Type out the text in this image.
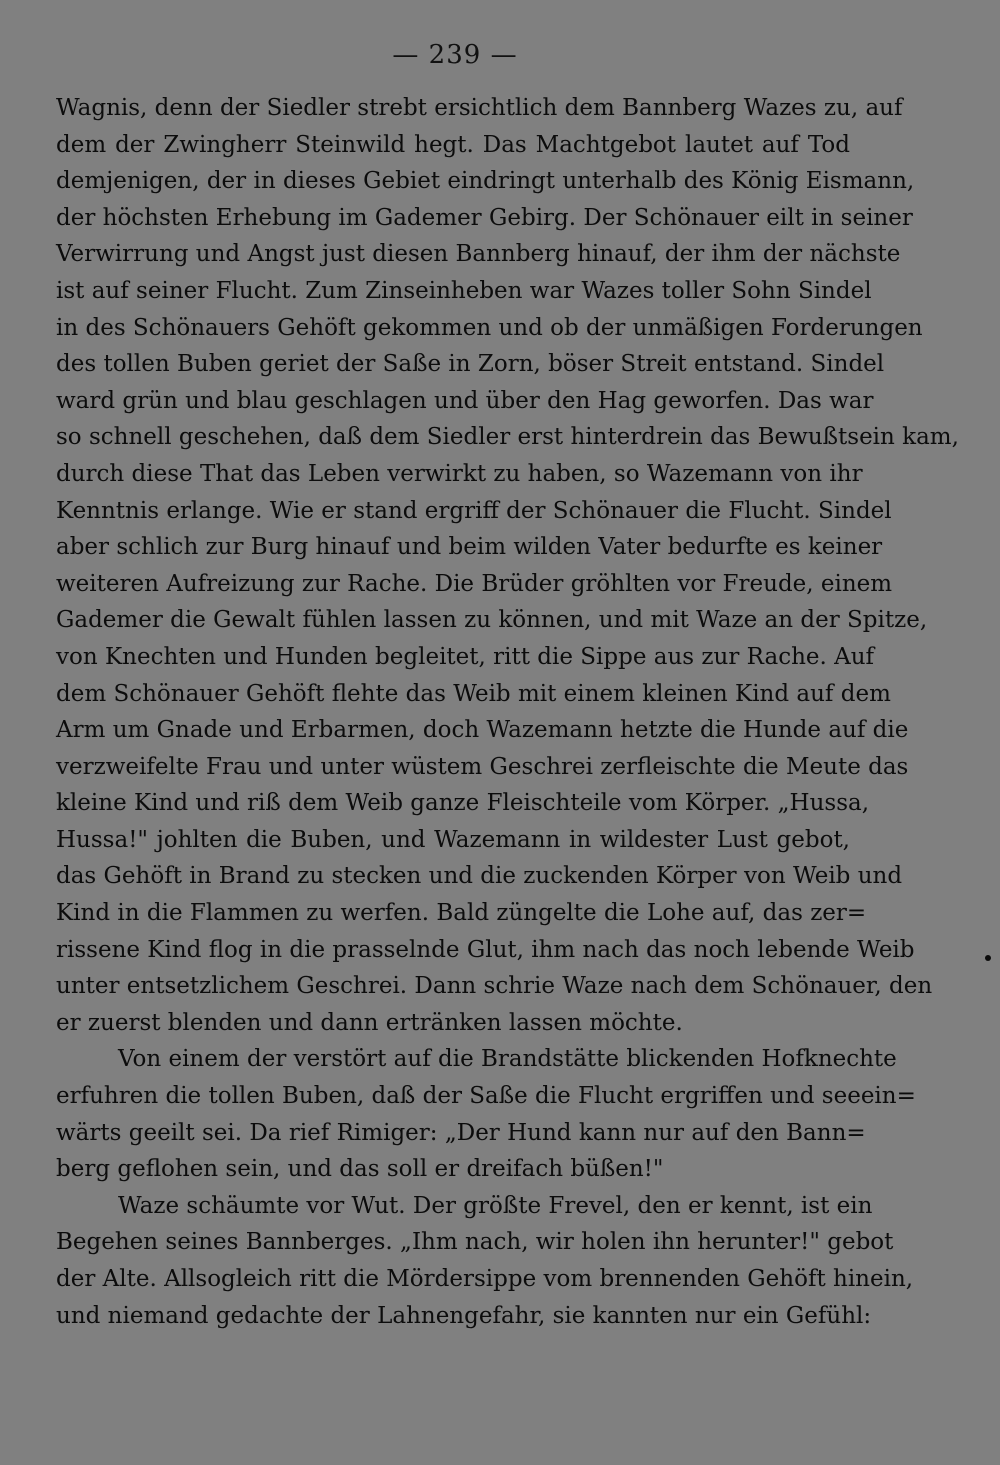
— 239 —
Wagnis, denn der Siedler strebt ersichtlich dem Bannberg Wazes zu, auf
dem der Zwingherr Steinwild hegt. Das Machtgebot lautet auf Tod
demjenigen, der in dieses Gebiet eindringt unterhalb des König Eismann,
der höchsten Erhebung im Gademer Gebirg. Der Schönauer eilt in seiner
Verwirrung und Angst just diesen Bannberg hinauf, der ihm der nächste
ist auf seiner Flucht. Zum Zinseinheben war Wazes toller Sohn Sindel
in des Schönauers Gehöft gekommen und ob der unmäßigen Forderungen
des tollen Buben geriet der Saße in Zorn, böser Streit entstand. Sindel
ward grün und blau geschlagen und über den Hag geworfen. Das war
so schnell geschehen, daß dem Siedler erst hinterdrein das Bewußtsein kam,
durch diese That das Leben verwirkt zu haben, so Wazemann von ihr
Kenntnis erlange. Wie er stand ergriff der Schönauer die Flucht. Sindel
aber schlich zur Burg hinauf und beim wilden Vater bedurfte es keiner
weiteren Aufreizung zur Rache. Die Brüder gröhlten vor Freude, einem
Gademer die Gewalt fühlen lassen zu können, und mit Waze an der Spitze,
von Knechten und Hunden begleitet, ritt die Sippe aus zur Rache. Auf
dem Schönauer Gehöft flehte das Weib mit einem kleinen Kind auf dem
Arm um Gnade und Erbarmen, doch Wazemann hetzte die Hunde auf die
verzweifelte Frau und unter wüstem Geschrei zerfleischte die Meute das
kleine Kind und riß dem Weib ganze Fleischteile vom Körper. „Hussa,
Hussa!" johlten die Buben, und Wazemann in wildester Lust gebot,
das Gehöft in Brand zu stecken und die zuckenden Körper von Weib und
Kind in die Flammen zu werfen. Bald züngelte die Lohe auf, das zer=
rissene Kind flog in die prasselnde Glut, ihm nach das noch lebende Weib
unter entsetzlichem Geschrei. Dann schrie Waze nach dem Schönauer, den
er zuerst blenden und dann ertränken lassen möchte.
Von einem der verstört auf die Brandstätte blickenden Hofknechte
erfuhren die tollen Buben, daß der Saße die Flucht ergriffen und seeein=
wärts geeilt sei. Da rief Rimiger: „Der Hund kann nur auf den Bann=
berg geflohen sein, und das soll er dreifach büßen!"
Waze schäumte vor Wut. Der größte Frevel, den er kennt, ist ein
Begehen seines Bannberges. „Ihm nach, wir holen ihn herunter!" gebot
der Alte. Allsogleich ritt die Mördersippe vom brennenden Gehöft hinein,
und niemand gedachte der Lahnengefahr, sie kannten nur ein Gefühl:
